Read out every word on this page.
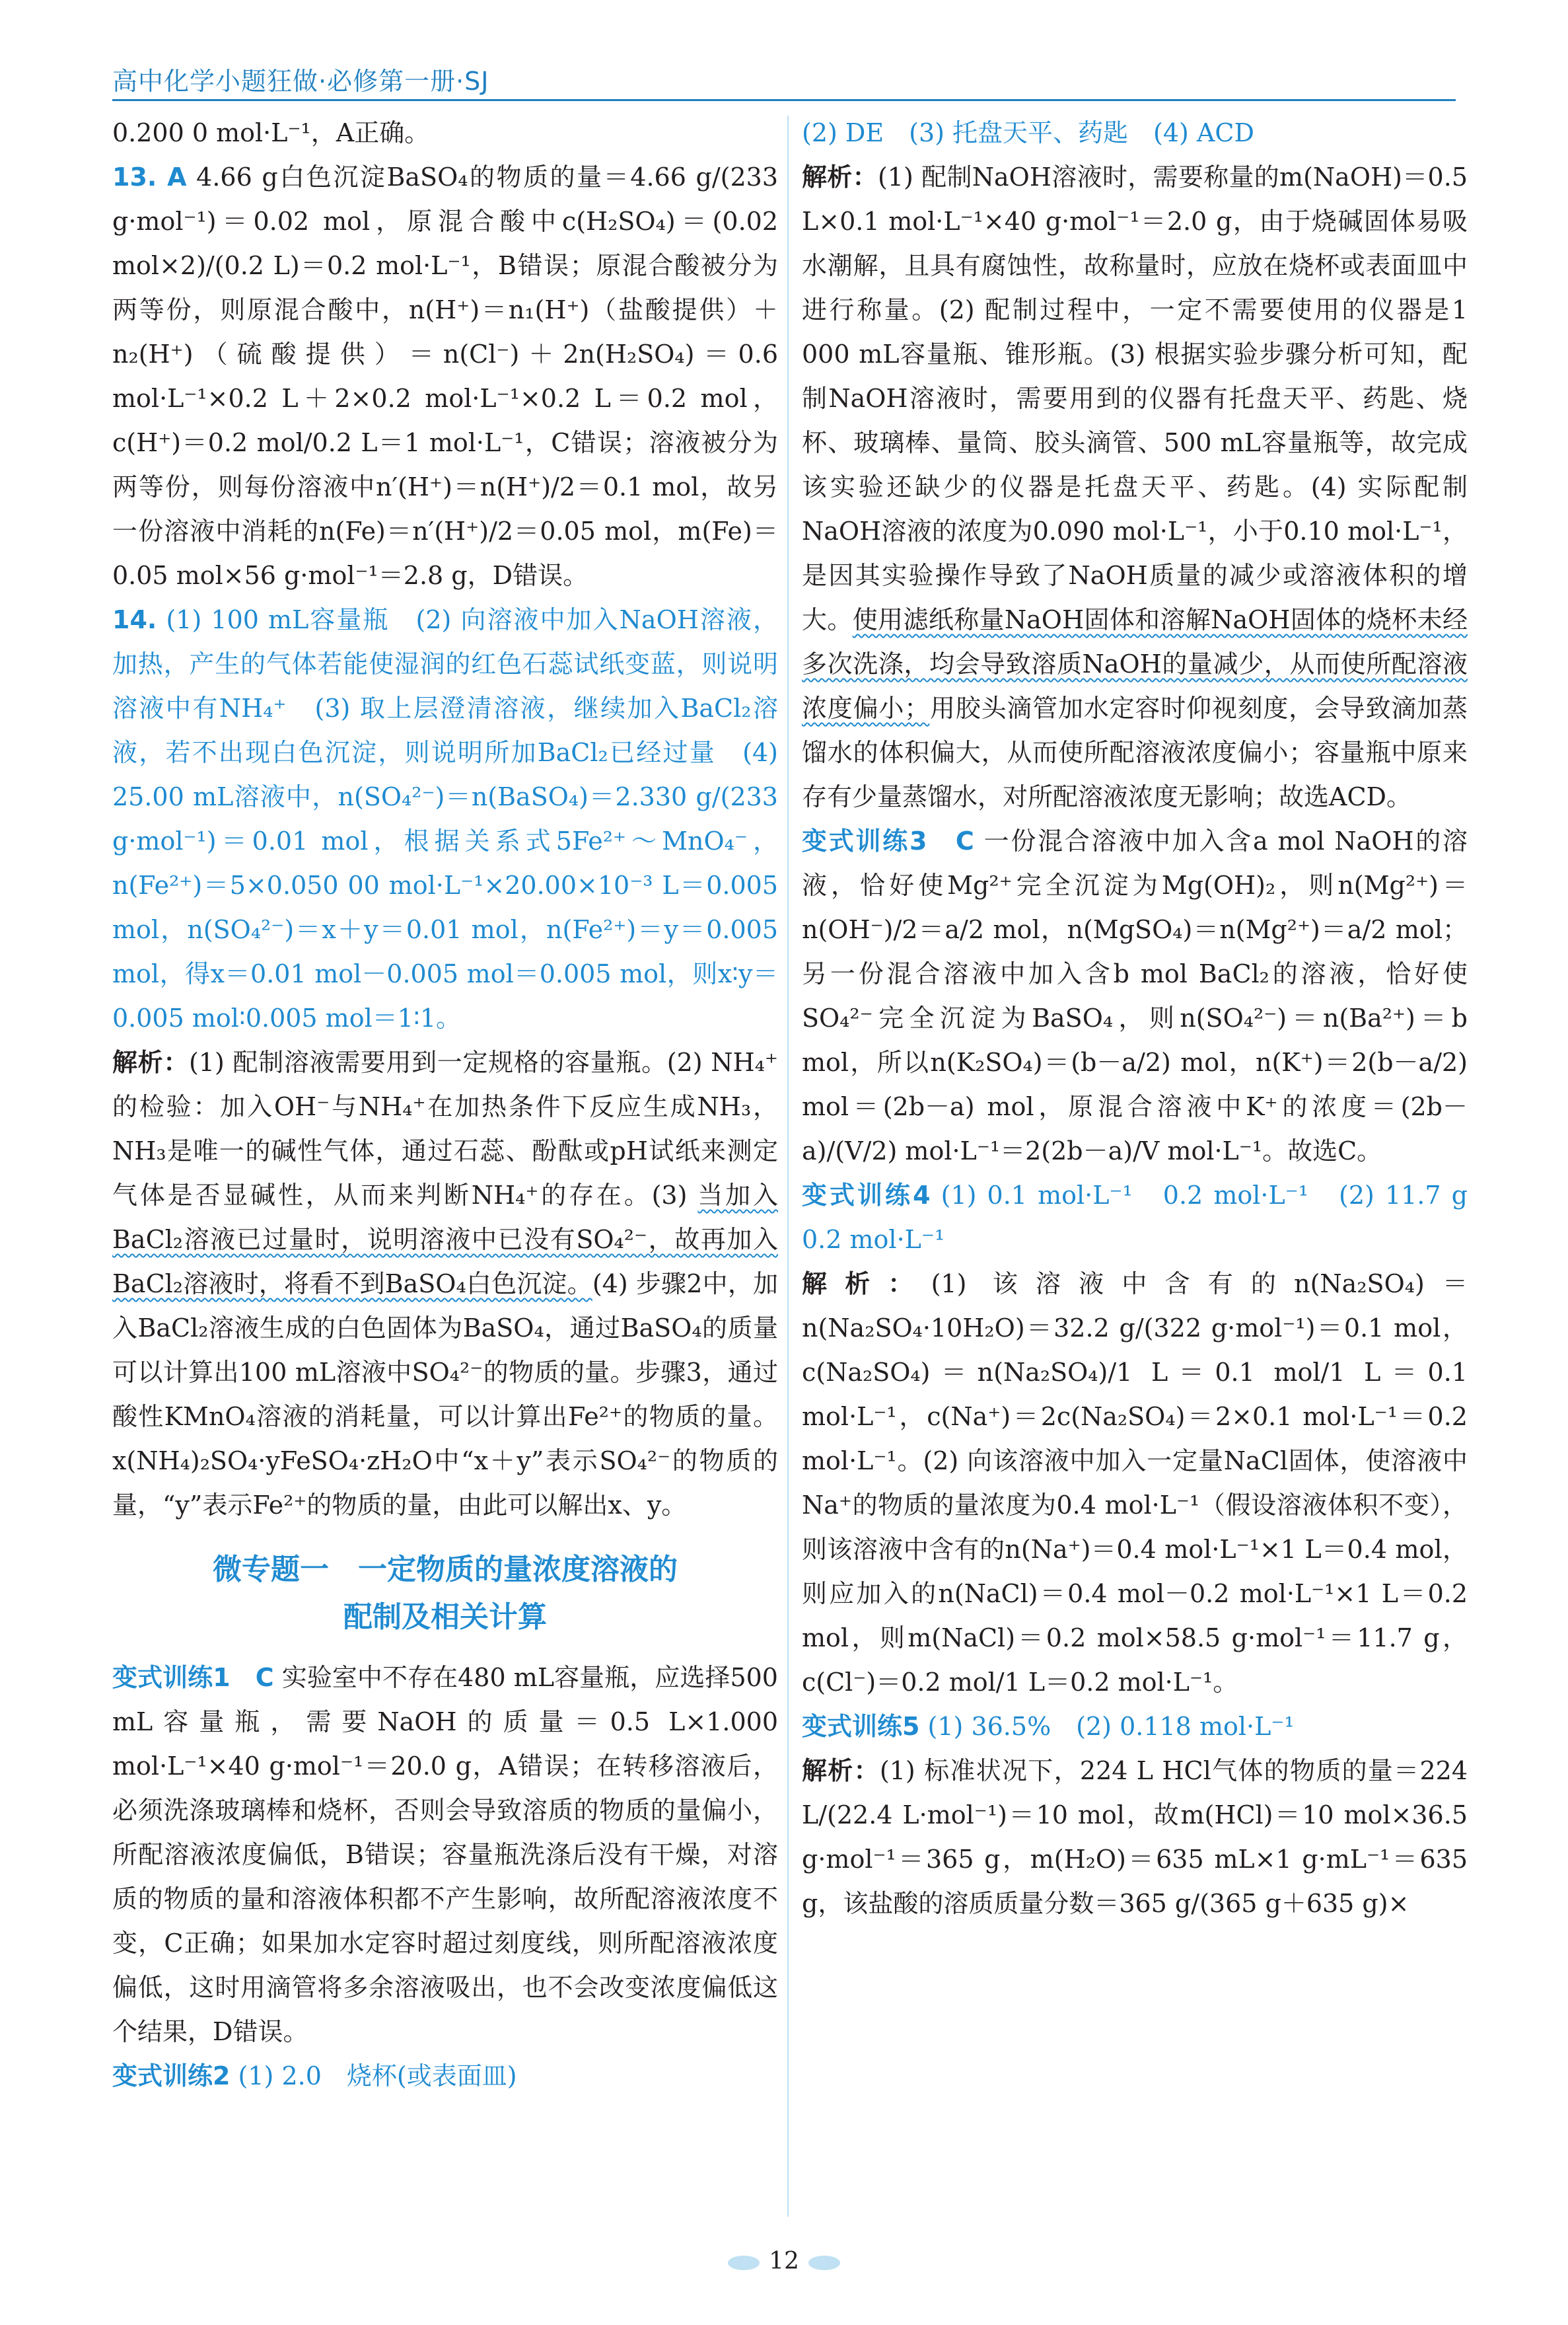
高中化学小题狂做·必修第一册·SJ

0.200 0 mol·L⁻¹，A正确。

13. A 4.66 g白色沉淀BaSO₄的物质的量＝4.66 g/(233 g·mol⁻¹)＝0.02 mol，原混合酸中c(H₂SO₄)＝(0.02 mol×2)/(0.2 L)＝0.2 mol·L⁻¹，B错误；原混合酸被分为两等份，则原混合酸中，n(H⁺)＝n₁(H⁺)（盐酸提供）＋n₂(H⁺)（硫酸提供）＝n(Cl⁻)＋2n(H₂SO₄)＝0.6 mol·L⁻¹×0.2 L＋2×0.2 mol·L⁻¹×0.2 L＝0.2 mol，c(H⁺)＝0.2 mol/0.2 L＝1 mol·L⁻¹，C错误；溶液被分为两等份，则每份溶液中n′(H⁺)＝n(H⁺)/2＝0.1 mol，故另一份溶液中消耗的n(Fe)＝n′(H⁺)/2＝0.05 mol，m(Fe)＝0.05 mol×56 g·mol⁻¹＝2.8 g，D错误。

14. (1) 100 mL容量瓶　(2) 向溶液中加入NaOH溶液，加热，产生的气体若能使湿润的红色石蕊试纸变蓝，则说明溶液中有NH₄⁺　(3) 取上层澄清溶液，继续加入BaCl₂溶液，若不出现白色沉淀，则说明所加BaCl₂已经过量　(4) 25.00 mL溶液中，n(SO₄²⁻)＝n(BaSO₄)＝2.330 g/(233 g·mol⁻¹)＝0.01 mol，根据关系式5Fe²⁺～MnO₄⁻，n(Fe²⁺)＝5×0.050 00 mol·L⁻¹×20.00×10⁻³ L＝0.005 mol，n(SO₄²⁻)＝x＋y＝0.01 mol，n(Fe²⁺)＝y＝0.005 mol，得x＝0.01 mol－0.005 mol＝0.005 mol，则x∶y＝0.005 mol∶0.005 mol＝1∶1。

解析：(1) 配制溶液需要用到一定规格的容量瓶。(2) NH₄⁺的检验：加入OH⁻与NH₄⁺在加热条件下反应生成NH₃，NH₃是唯一的碱性气体，通过石蕊、酚酞或pH试纸来测定气体是否显碱性，从而来判断NH₄⁺的存在。(3) 当加入BaCl₂溶液已过量时，说明溶液中已没有SO₄²⁻，故再加入BaCl₂溶液时，将看不到BaSO₄白色沉淀。(4) 步骤2中，加入BaCl₂溶液生成的白色固体为BaSO₄，通过BaSO₄的质量可以计算出100 mL溶液中SO₄²⁻的物质的量。步骤3，通过酸性KMnO₄溶液的消耗量，可以计算出Fe²⁺的物质的量。x(NH₄)₂SO₄·yFeSO₄·zH₂O中“x＋y”表示SO₄²⁻的物质的量，“y”表示Fe²⁺的物质的量，由此可以解出x、y。

微专题一　一定物质的量浓度溶液的
配制及相关计算

变式训练1　C 实验室中不存在480 mL容量瓶，应选择500 mL容量瓶，需要NaOH的质量＝0.5 L×1.000 mol·L⁻¹×40 g·mol⁻¹＝20.0 g，A错误；在转移溶液后，必须洗涤玻璃棒和烧杯，否则会导致溶质的物质的量偏小，所配溶液浓度偏低，B错误；容量瓶洗涤后没有干燥，对溶质的物质的量和溶液体积都不产生影响，故所配溶液浓度不变，C正确；如果加水定容时超过刻度线，则所配溶液浓度偏低，这时用滴管将多余溶液吸出，也不会改变浓度偏低这个结果，D错误。

变式训练2 (1) 2.0　烧杯(或表面皿)

(2) DE　(3) 托盘天平、药匙　(4) ACD

解析：(1) 配制NaOH溶液时，需要称量的m(NaOH)＝0.5 L×0.1 mol·L⁻¹×40 g·mol⁻¹＝2.0 g，由于烧碱固体易吸水潮解，且具有腐蚀性，故称量时，应放在烧杯或表面皿中进行称量。(2) 配制过程中，一定不需要使用的仪器是1 000 mL容量瓶、锥形瓶。(3) 根据实验步骤分析可知，配制NaOH溶液时，需要用到的仪器有托盘天平、药匙、烧杯、玻璃棒、量筒、胶头滴管、500 mL容量瓶等，故完成该实验还缺少的仪器是托盘天平、药匙。(4) 实际配制NaOH溶液的浓度为0.090 mol·L⁻¹，小于0.10 mol·L⁻¹，是因其实验操作导致了NaOH质量的减少或溶液体积的增大。使用滤纸称量NaOH固体和溶解NaOH固体的烧杯未经多次洗涤，均会导致溶质NaOH的量减少，从而使所配溶液浓度偏小；用胶头滴管加水定容时仰视刻度，会导致滴加蒸馏水的体积偏大，从而使所配溶液浓度偏小；容量瓶中原来存有少量蒸馏水，对所配溶液浓度无影响；故选ACD。

变式训练3　C 一份混合溶液中加入含a mol NaOH的溶液，恰好使Mg²⁺完全沉淀为Mg(OH)₂，则n(Mg²⁺)＝n(OH⁻)/2＝a/2 mol，n(MgSO₄)＝n(Mg²⁺)＝a/2 mol；另一份混合溶液中加入含b mol BaCl₂的溶液，恰好使SO₄²⁻完全沉淀为BaSO₄，则n(SO₄²⁻)＝n(Ba²⁺)＝b mol，所以n(K₂SO₄)＝(b－a/2) mol，n(K⁺)＝2(b－a/2) mol＝(2b－a) mol，原混合溶液中K⁺的浓度＝(2b－a)/(V/2) mol·L⁻¹＝2(2b－a)/V mol·L⁻¹。故选C。

变式训练4 (1) 0.1 mol·L⁻¹　0.2 mol·L⁻¹　(2) 11.7 g　0.2 mol·L⁻¹

解析：(1) 该溶液中含有的n(Na₂SO₄)＝n(Na₂SO₄·10H₂O)＝32.2 g/(322 g·mol⁻¹)＝0.1 mol，c(Na₂SO₄)＝n(Na₂SO₄)/1 L＝0.1 mol/1 L＝0.1 mol·L⁻¹，c(Na⁺)＝2c(Na₂SO₄)＝2×0.1 mol·L⁻¹＝0.2 mol·L⁻¹。(2) 向该溶液中加入一定量NaCl固体，使溶液中Na⁺的物质的量浓度为0.4 mol·L⁻¹（假设溶液体积不变），则该溶液中含有的n(Na⁺)＝0.4 mol·L⁻¹×1 L＝0.4 mol，则应加入的n(NaCl)＝0.4 mol－0.2 mol·L⁻¹×1 L＝0.2 mol，则m(NaCl)＝0.2 mol×58.5 g·mol⁻¹＝11.7 g，c(Cl⁻)＝0.2 mol/1 L＝0.2 mol·L⁻¹。

变式训练5 (1) 36.5%　(2) 0.118 mol·L⁻¹

解析：(1) 标准状况下，224 L HCl气体的物质的量＝224 L/(22.4 L·mol⁻¹)＝10 mol，故m(HCl)＝10 mol×36.5 g·mol⁻¹＝365 g，m(H₂O)＝635 mL×1 g·mL⁻¹＝635 g，该盐酸的溶质质量分数＝365 g/(365 g＋635 g)×

12
